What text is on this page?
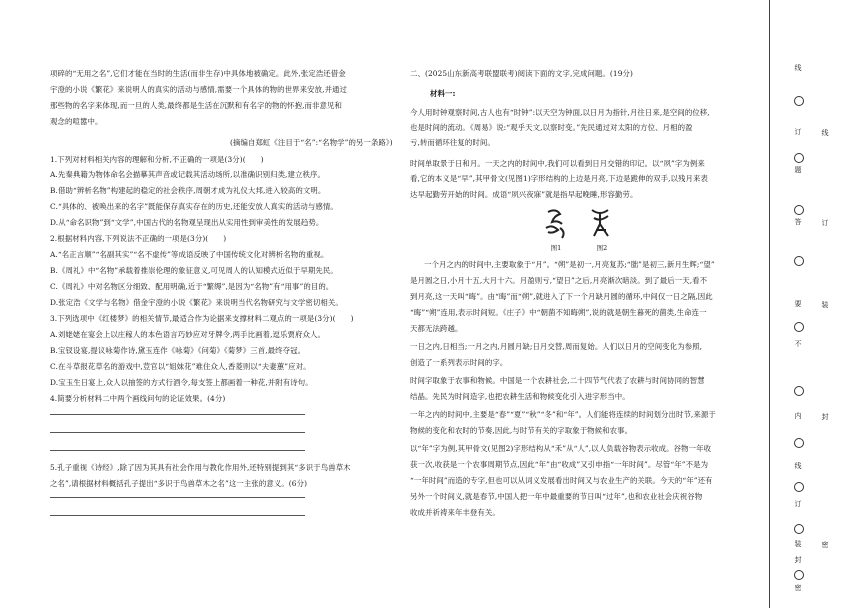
项碎的“无用之名”,它们才能在当时的生活(而非生存)中具体地被确定。此外,张定浩还借金
宇澄的小说《繁花》来说明人的真实的活动与感情,需要一个具体的物的世界来安放,并通过
那些物的名字来体现,而一旦的人类,最终都是生活在沉默和有名字的物的怀抱,而非意见和
观念的喧嚣中。
(摘编自郑虹《注目于“名”:“名物学”的另一条路》)
1.下列对材料相关内容的理解和分析,不正确的一项是(3分)(　　)
A.先秦典籍为物体命名会描摹其声音或记载其活动场所,以准确识别归类,建立秩序。
B.借助“辨析名物”构建起的稳定的社会秩序,周朝才成为礼仪大邦,进入较高的文明。
C.“具体的、被唤出来的名字”既能保存真实存在的历史,还能安放人真实的活动与感情。
D.从“命名识物”到“文学”,中国古代的名物观呈现出从实用性到审美性的发展趋势。
2.根据材料内容,下列说法不正确的一项是(3分)(　　)
A.“名正言顺”“名副其实”“名不虚传”等成语反映了中国传统文化对辨析名物的重视。
B.《周礼》中“名物”承载着推崇伦理的象征意义,可见周人的认知模式近似于早期先民。
C.《周礼》中对名物区分细致、配用明确,近于“繁缛”,是因为“名物”有“用事”的目的。
D.张定浩《文学与名物》借金宇澄的小说《繁花》来说明当代名物研究与文学密切相关。
3.下列选项中《红楼梦》的相关情节,最适合作为论据来支撑材料二观点的一项是(3分)(　　)
A.刘姥姥在宴会上以庄稼人的本色语言巧妙应对牙牌令,两手比画着,逗乐贾府众人。
B.宝钗设宴,提议咏菊作诗,黛玉连作《咏菊》《问菊》《菊梦》三首,最终夺冠。
C.在斗草报花草名的游戏中,荳官以“姐妹花”难住众人,香菱则以“夫妻蕙”应对。
D.宝玉生日宴上,众人以抽签的方式行酒令,每支签上都画着一种花,并附有诗句。
4.简要分析材料二中两个画线问句的论证效果。(4分)
5.孔子重视《诗经》,除了因为其具有社会作用与教化作用外,还特别提到其“多识于鸟兽草木
之名”,请根据材料概括孔子提出“多识于鸟兽草木之名”这一主张的意义。(6分)
二、(2025山东新高考联盟联考)阅读下面的文字,完成问题。(19分)
材料一:
图1	图2
今人用时钟观察时间,古人也有“时钟”:以天空为钟面,以日月为指针,月往日来,是空间的位移,
也是时间的流动。《周易》说:“观乎天文,以察时变。”先民通过对太阳的方位、月相的盈
亏,转而循环往复的时间。
时间单取景于日和月。一天之内的时间中,我们可以看到日月交错的印记。以“夙”字为例来
看,它的本义是“早”,其甲骨文(见图1)字形结构的上边是月亮,下边是跪伸的双手,以残月来表
达早起勤劳开始的时间。成语“夙兴夜寐”就是指早起晚睡,形容勤劳。
一个月之内的时间中,主要取象于“月”。“朔”是初一,月亮复苏;“朏”是初三,新月生辉;“望”
是月圆之日,小月十五,大月十六。月盈则亏,“望日”之后,月亮渐次暗淡。到了最后一天,看不
到月亮,这一天叫“晦”。由“晦”而“朔”,就进入了下一个月缺月圆的循环,中间仅一日之隔,因此
“晦”“朔”连用,表示时间短。《庄子》中“朝菌不知晦朔”,说的就是朝生暮死的菌类,生命连一
天都无法跨越。
一日之内,日相当;一月之内,月圆月缺;日月交替,周而复始。人们以日月的空间变化为参照,
创造了一系列表示时间的字。
时间字取象于农事和物候。中国是一个农耕社会,二十四节气代表了农耕与时间协同的智慧
结晶。先民为时间造字,也把农耕生活和物候变化引入进字形当中。
一年之内的时间中,主要是“春”“夏”“秋”“冬”和“年”。人们能将连续的时间划分出时节,来源于
物候的变化和农时的节奏,因此,与时节有关的字取象于物候和农事。
以“年”字为例,其甲骨文(见图2)字形结构从“禾”从“人”,以人负载谷物表示收成。谷物一年收
获一次,收获是一个农事周期节点,因此“年”由“收成”又引申指“一年时间”。尽管“年”不是为
“一年时间”而造的专字,但也可以从词义发展看出时间又与农业生产的关联。今天的“年”还有
另外一个时间义,就是春节,中国人把一年中最重要的节日叫“过年”,也和农业社会庆祝谷物
收成并祈祷来年丰登有关。
线
订
题
答
要
不
内
线
订
装
封
密
线
订
装
封
密
